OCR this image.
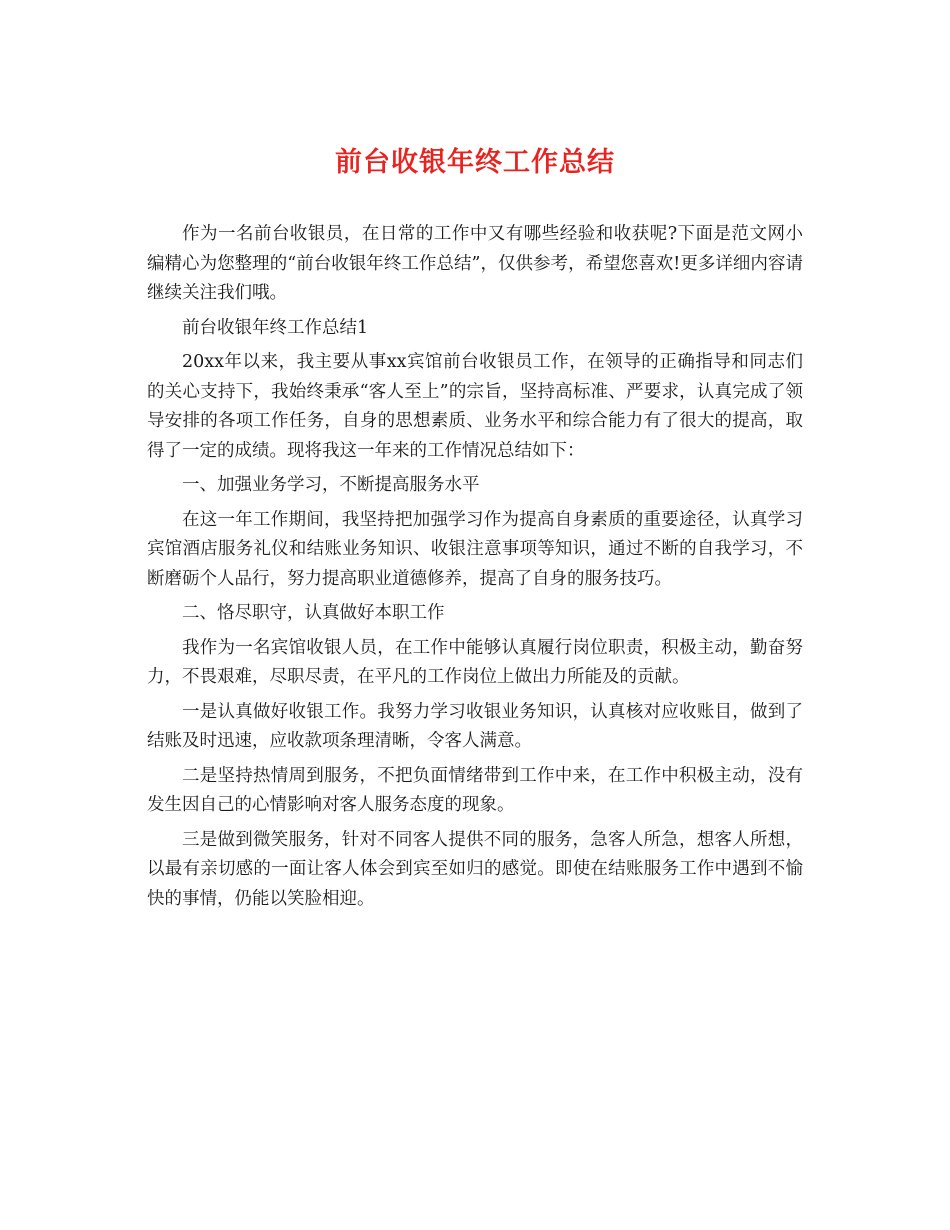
前台收银年终工作总结

作为一名前台收银员，在日常的工作中又有哪些经验和收获呢?下面是范文网小编精心为您整理的“前台收银年终工作总结”，仅供参考，希望您喜欢!更多详细内容请继续关注我们哦。

前台收银年终工作总结1

20xx年以来，我主要从事xx宾馆前台收银员工作，在领导的正确指导和同志们的关心支持下，我始终秉承“客人至上”的宗旨，坚持高标准、严要求，认真完成了领导安排的各项工作任务，自身的思想素质、业务水平和综合能力有了很大的提高，取得了一定的成绩。现将我这一年来的工作情况总结如下：

一、加强业务学习，不断提高服务水平

在这一年工作期间，我坚持把加强学习作为提高自身素质的重要途径，认真学习宾馆酒店服务礼仪和结账业务知识、收银注意事项等知识，通过不断的自我学习，不断磨砺个人品行，努力提高职业道德修养，提高了自身的服务技巧。

二、恪尽职守，认真做好本职工作

我作为一名宾馆收银人员，在工作中能够认真履行岗位职责，积极主动，勤奋努力，不畏艰难，尽职尽责，在平凡的工作岗位上做出力所能及的贡献。

一是认真做好收银工作。我努力学习收银业务知识，认真核对应收账目，做到了结账及时迅速，应收款项条理清晰，令客人满意。

二是坚持热情周到服务，不把负面情绪带到工作中来，在工作中积极主动，没有发生因自己的心情影响对客人服务态度的现象。

三是做到微笑服务，针对不同客人提供不同的服务，急客人所急，想客人所想，以最有亲切感的一面让客人体会到宾至如归的感觉。即使在结账服务工作中遇到不愉快的事情，仍能以笑脸相迎。
